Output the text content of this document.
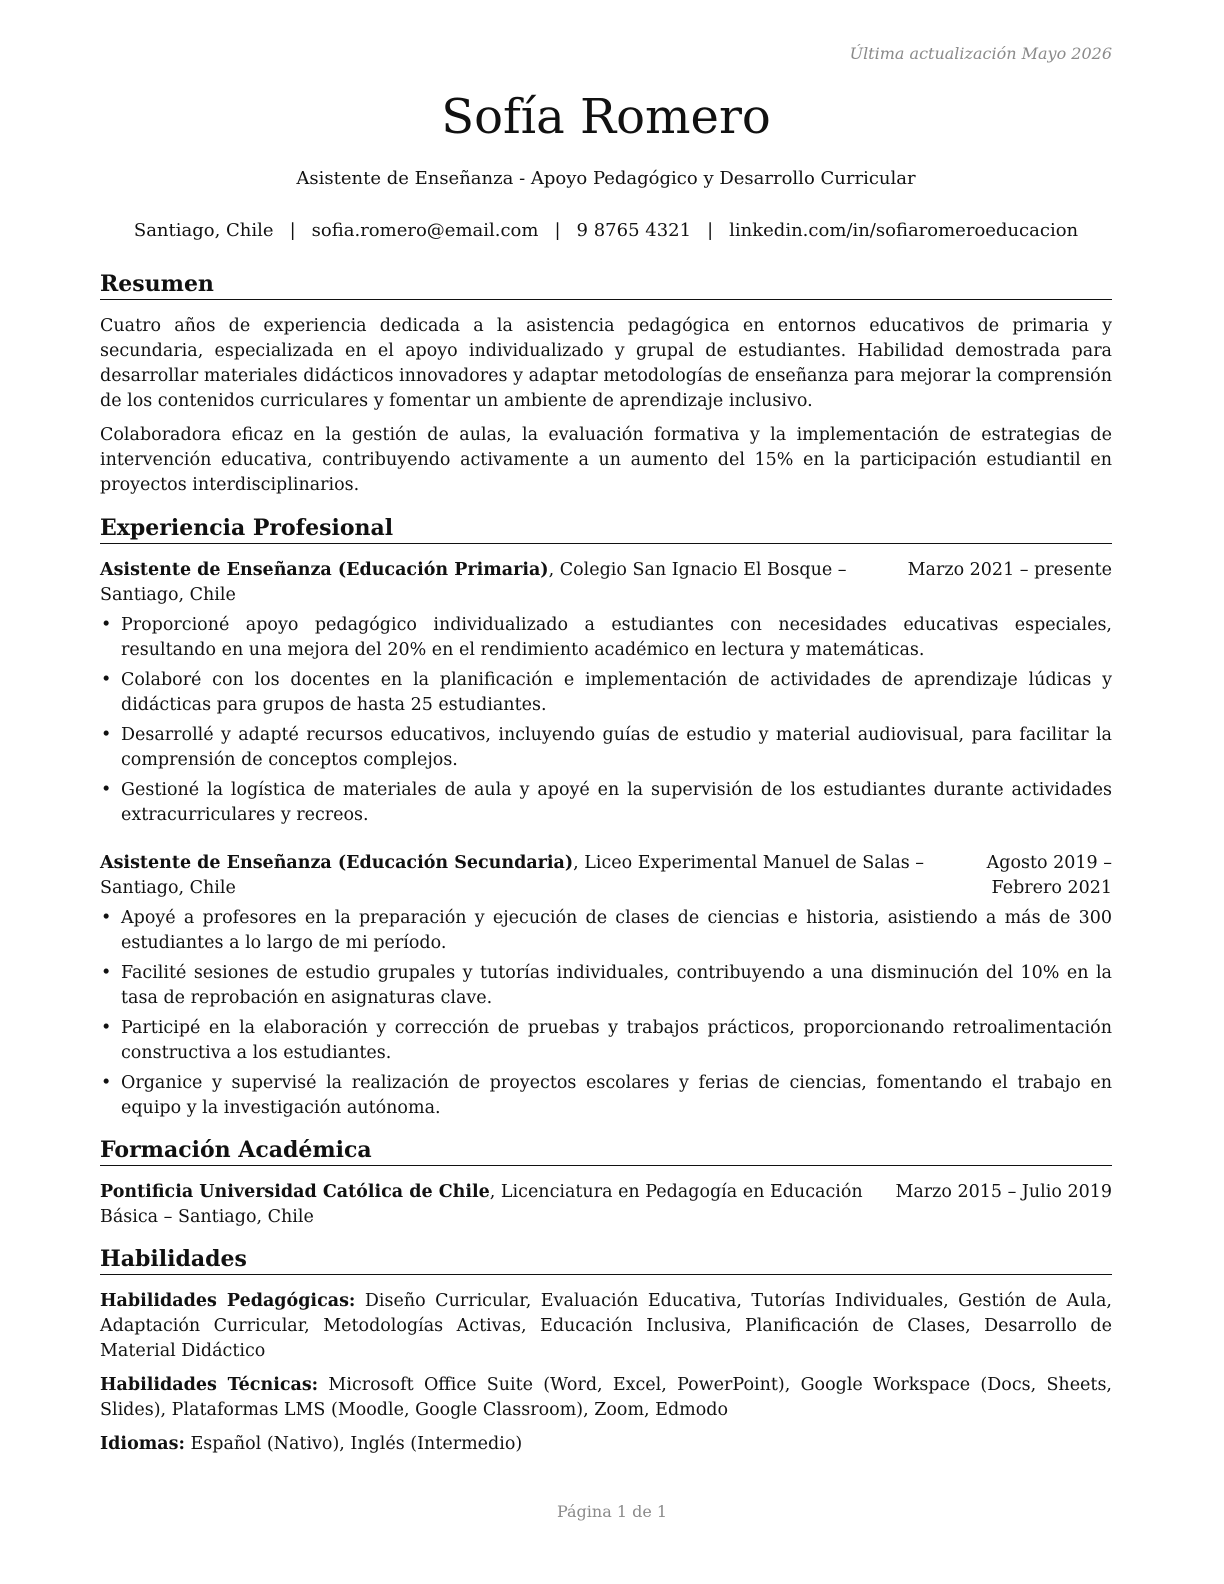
Última actualización Mayo 2026
Sofía Romero
Asistente de Enseñanza - Apoyo Pedagógico y Desarrollo Curricular
Santiago, Chile | sofia.romero@email.com | 9 8765 4321 | linkedin.com/in/sofiaromeroeducacion
Resumen

Cuatro años de experiencia dedicada a la asistencia pedagógica en entornos educativos de primaria y secundaria, especializada en el apoyo individualizado y grupal de estudiantes. Habilidad demostrada para desarrollar materiales didácticos innovadores y adaptar metodologías de enseñanza para mejorar la comprensión de los contenidos curriculares y fomentar un ambiente de aprendizaje inclusivo.

Colaboradora eficaz en la gestión de aulas, la evaluación formativa y la implementación de estrategias de intervención educativa, contribuyendo activamente a un aumento del 15% en la participación estudiantil en proyectos interdisciplinarios.

Experiencia Profesional
Asistente de Enseñanza (Educación Primaria), Colegio San Ignacio El Bosque – Santiago, Chile
Marzo 2021 – presente
• Proporcioné apoyo pedagógico individualizado a estudiantes con necesidades educativas especiales, resultando en una mejora del 20% en el rendimiento académico en lectura y matemáticas.
• Colaboré con los docentes en la planificación e implementación de actividades de aprendizaje lúdicas y didácticas para grupos de hasta 25 estudiantes.
• Desarrollé y adapté recursos educativos, incluyendo guías de estudio y material audiovisual, para facilitar la comprensión de conceptos complejos.
• Gestioné la logística de materiales de aula y apoyé en la supervisión de los estudiantes durante actividades extracurriculares y recreos.
Asistente de Enseñanza (Educación Secundaria), Liceo Experimental Manuel de Salas – Santiago, Chile
Agosto 2019 – Febrero 2021
• Apoyé a profesores en la preparación y ejecución de clases de ciencias e historia, asistiendo a más de 300 estudiantes a lo largo de mi período.
• Facilité sesiones de estudio grupales y tutorías individuales, contribuyendo a una disminución del 10% en la tasa de reprobación en asignaturas clave.
• Participé en la elaboración y corrección de pruebas y trabajos prácticos, proporcionando retroalimentación constructiva a los estudiantes.
• Organice y supervisé la realización de proyectos escolares y ferias de ciencias, fomentando el trabajo en equipo y la investigación autónoma.
Formación Académica
Pontificia Universidad Católica de Chile, Licenciatura en Pedagogía en Educación Básica – Santiago, Chile
Marzo 2015 – Julio 2019
Habilidades

Habilidades Pedagógicas: Diseño Curricular, Evaluación Educativa, Tutorías Individuales, Gestión de Aula, Adaptación Curricular, Metodologías Activas, Educación Inclusiva, Planificación de Clases, Desarrollo de Material Didáctico

Habilidades Técnicas: Microsoft Office Suite (Word, Excel, PowerPoint), Google Workspace (Docs, Sheets, Slides), Plataformas LMS (Moodle, Google Classroom), Zoom, Edmodo

Idiomas: Español (Nativo), Inglés (Intermedio)

Página 1 de 1
